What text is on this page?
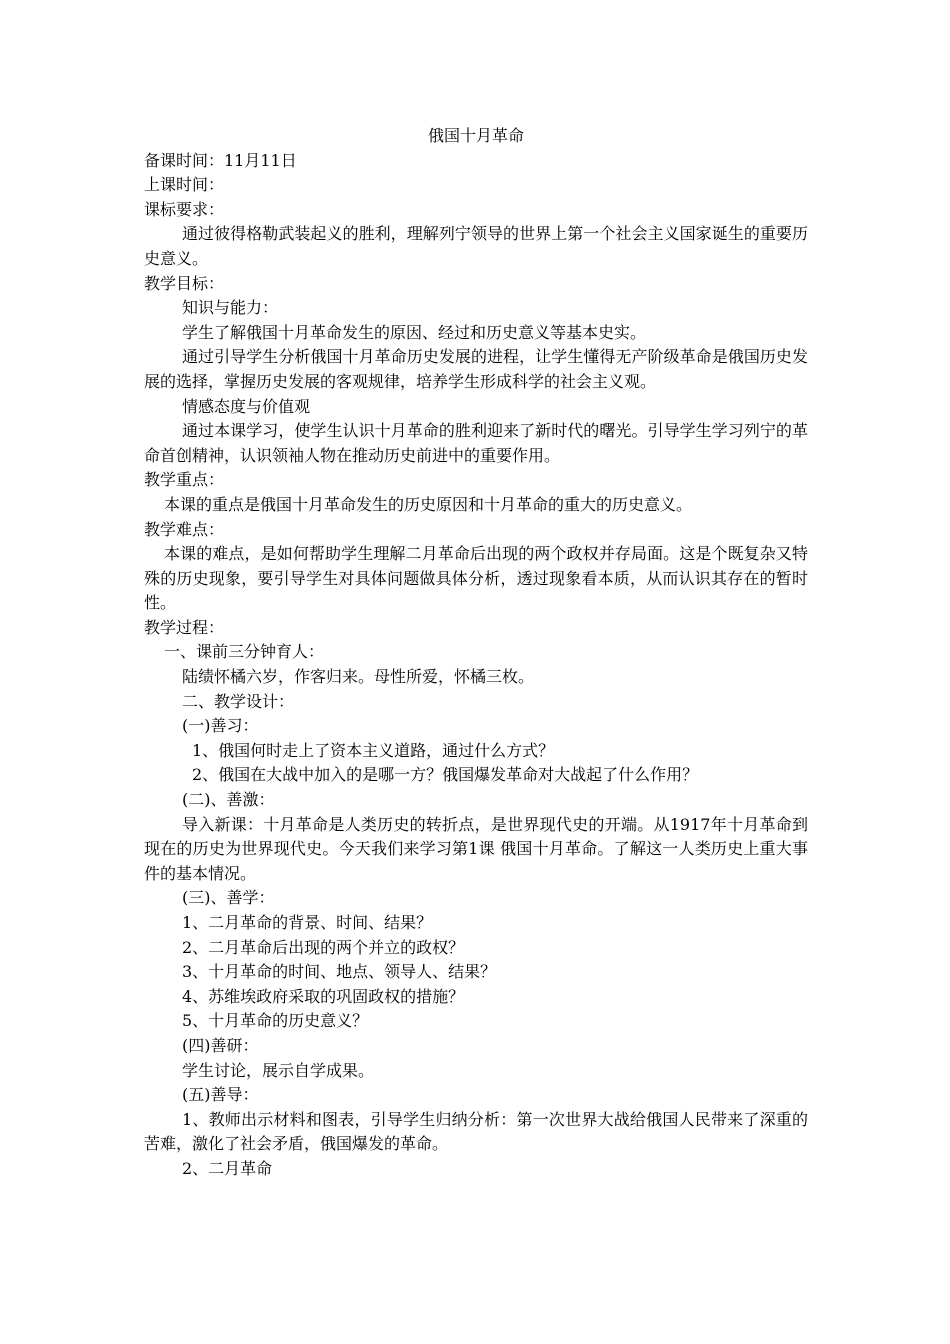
俄国十月革命

备课时间：11月11日

上课时间：

课标要求：

通过彼得格勒武装起义的胜利，理解列宁领导的世界上第一个社会主义国家诞生的重要历史意义。

教学目标：

知识与能力：

学生了解俄国十月革命发生的原因、经过和历史意义等基本史实。

通过引导学生分析俄国十月革命历史发展的进程，让学生懂得无产阶级革命是俄国历史发展的选择，掌握历史发展的客观规律，培养学生形成科学的社会主义观。

情感态度与价值观

通过本课学习，使学生认识十月革命的胜利迎来了新时代的曙光。引导学生学习列宁的革命首创精神，认识领袖人物在推动历史前进中的重要作用。

教学重点：

本课的重点是俄国十月革命发生的历史原因和十月革命的重大的历史意义。

教学难点：

本课的难点，是如何帮助学生理解二月革命后出现的两个政权并存局面。这是个既复杂又特殊的历史现象，要引导学生对具体问题做具体分析，透过现象看本质，从而认识其存在的暂时性。

教学过程：

一、课前三分钟育人：

陆绩怀橘六岁，作客归来。母性所爱，怀橘三枚。

二、教学设计：

(一)善习：

1、俄国何时走上了资本主义道路，通过什么方式？

2、俄国在大战中加入的是哪一方？俄国爆发革命对大战起了什么作用？

(二)、善激：

导入新课：十月革命是人类历史的转折点，是世界现代史的开端。从1917年十月革命到现在的历史为世界现代史。今天我们来学习第1课 俄国十月革命。了解这一人类历史上重大事件的基本情况。

(三)、善学：

1、二月革命的背景、时间、结果？

2、二月革命后出现的两个并立的政权？

3、十月革命的时间、地点、领导人、结果？

4、苏维埃政府采取的巩固政权的措施？

5、十月革命的历史意义？

(四)善研：

学生讨论，展示自学成果。

(五)善导：

1、教师出示材料和图表，引导学生归纳分析：第一次世界大战给俄国人民带来了深重的苦难，激化了社会矛盾，俄国爆发的革命。

2、二月革命
